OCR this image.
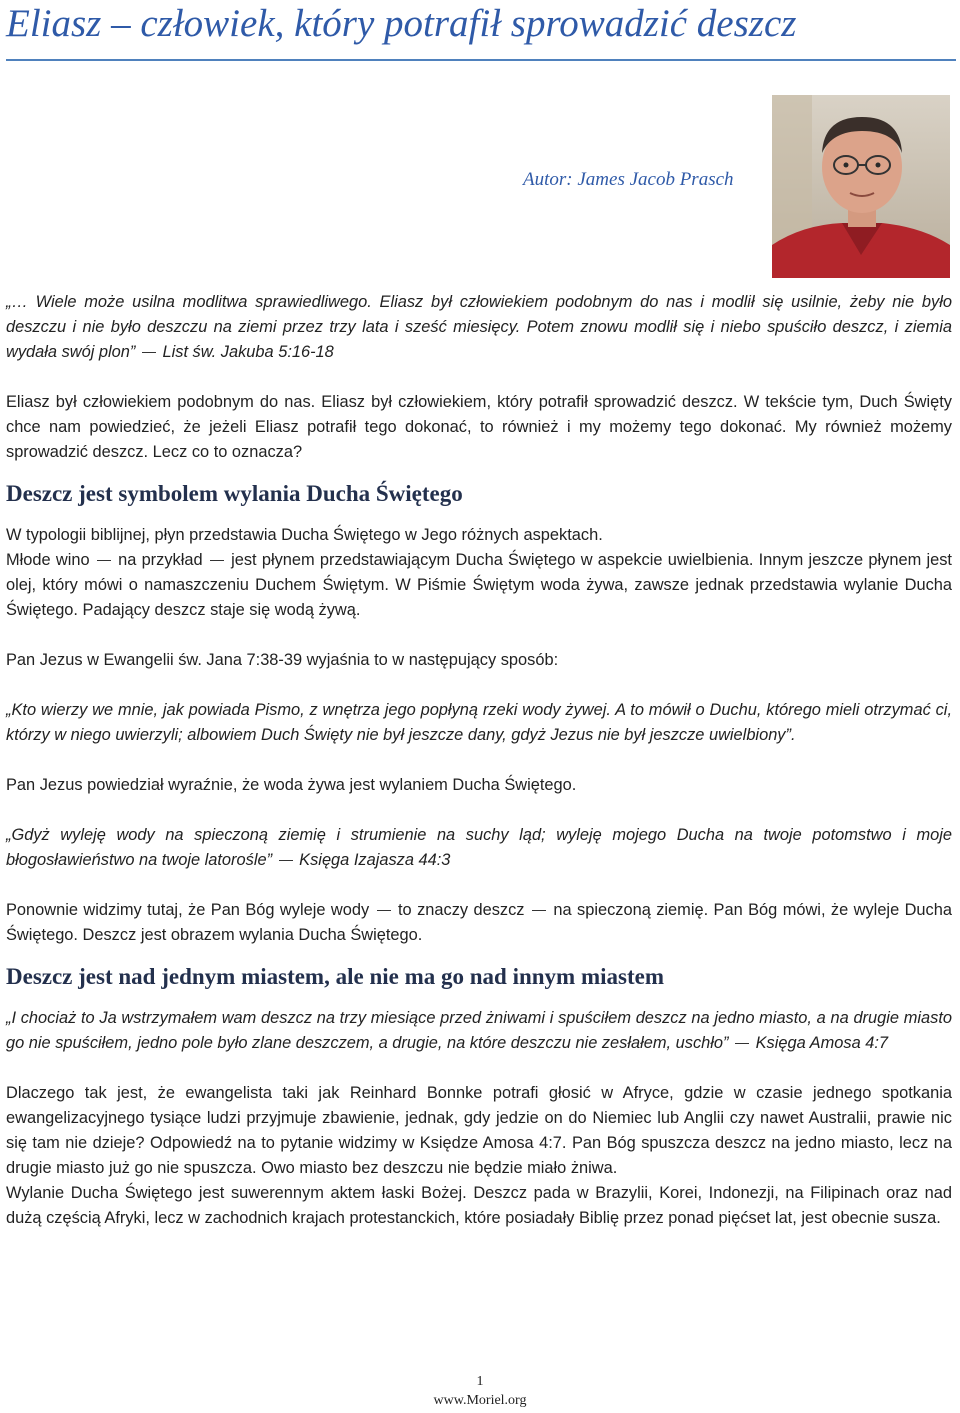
Eliasz – człowiek, który potrafił sprowadzić deszcz
Autor: James Jacob Prasch

„… Wiele może usilna modlitwa sprawiedliwego. Eliasz był człowiekiem podobnym do nas i modlił się usilnie, żeby nie było deszczu i nie było deszczu na ziemi przez trzy lata i sześć miesięcy. Potem znowu modlił się i niebo spuściło deszcz, i ziemia wydała swój plon” List św. Jakuba 5:16-18

Eliasz był człowiekiem podobnym do nas. Eliasz był człowiekiem, który potrafił sprowadzić deszcz. W tekście tym, Duch Święty chce nam powiedzieć, że jeżeli Eliasz potrafił tego dokonać, to również i my możemy tego dokonać. My również możemy sprowadzić deszcz. Lecz co to oznacza?

Deszcz jest symbolem wylania Ducha Świętego

W typologii biblijnej, płyn przedstawia Ducha Świętego w Jego różnych aspektach.

Młode wino na przykład jest płynem przedstawiającym Ducha Świętego w aspekcie uwielbienia. Innym jeszcze płynem jest olej, który mówi o namaszczeniu Duchem Świętym. W Piśmie Świętym woda żywa, zawsze jednak przedstawia wylanie Ducha Świętego. Padający deszcz staje się wodą żywą.

Pan Jezus w Ewangelii św. Jana 7:38-39 wyjaśnia to w następujący sposób:

„Kto wierzy we mnie, jak powiada Pismo, z wnętrza jego popłyną rzeki wody żywej. A to mówił o Duchu, którego mieli otrzymać ci, którzy w niego uwierzyli; albowiem Duch Święty nie był jeszcze dany, gdyż Jezus nie był jeszcze uwielbiony”.

Pan Jezus powiedział wyraźnie, że woda żywa jest wylaniem Ducha Świętego.

„Gdyż wyleję wody na spieczoną ziemię i strumienie na suchy ląd; wyleję mojego Ducha na twoje potomstwo i moje błogosławieństwo na twoje latorośle” Księga Izajasza 44:3

Ponownie widzimy tutaj, że Pan Bóg wyleje wody to znaczy deszcz na spieczoną ziemię. Pan Bóg mówi, że wyleje Ducha Świętego. Deszcz jest obrazem wylania Ducha Świętego.

Deszcz jest nad jednym miastem, ale nie ma go nad innym miastem

„I chociaż to Ja wstrzymałem wam deszcz na trzy miesiące przed żniwami i spuściłem deszcz na jedno miasto, a na drugie miasto go nie spuściłem, jedno pole było zlane deszczem, a drugie, na które deszczu nie zesłałem, uschło” Księga Amosa 4:7

Dlaczego tak jest, że ewangelista taki jak Reinhard Bonnke potrafi głosić w Afryce, gdzie w czasie jednego spotkania ewangelizacyjnego tysiące ludzi przyjmuje zbawienie, jednak, gdy jedzie on do Niemiec lub Anglii czy nawet Australii, prawie nic się tam nie dzieje? Odpowiedź na to pytanie widzimy w Księdze Amosa 4:7. Pan Bóg spuszcza deszcz na jedno miasto, lecz na drugie miasto już go nie spuszcza. Owo miasto bez deszczu nie będzie miało żniwa.

Wylanie Ducha Świętego jest suwerennym aktem łaski Bożej. Deszcz pada w Brazylii, Korei, Indonezji, na Filipinach oraz nad dużą częścią Afryki, lecz w zachodnich krajach protestanckich, które posiadały Biblię przez ponad pięćset lat, jest obecnie susza.

1
www.Moriel.org
